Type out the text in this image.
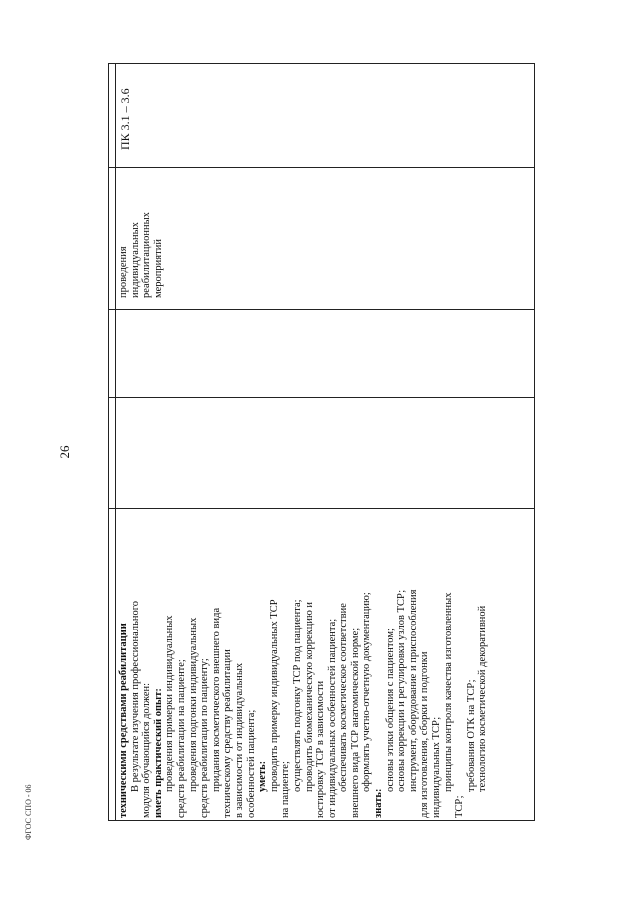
26
ПК 3.1 – 3.6
проведения индивидуальных реабилитационных мероприятий
техническими средствами реабилитации В результате изучения профессионального модуля обучающийся должен: иметь практический опыт: проведения примерки индивидуальных средств реабилитации на пациенте; проведения подгонки индивидуальных средств реабилитации по пациенту; придания косметического внешнего вида техническому средству реабилитации в зависимости от индивидуальных особенностей пациента; уметь: проводить примерку индивидуальных ТСР на пациенте; осуществлять подгонку ТСР под пациента; проводить биомеханическую коррекцию и юстировку ТСР в зависимости от индивидуальных особенностей пациента; обеспечивать косметическое соответствие внешнего вида ТСР анатомической норме; оформлять учетно-отчетную документацию;
знать:
основы этики общения с пациентом; основы коррекции и регулировки узлов ТСР; инструмент, оборудование и приспособления для изготовления, сборки и подгонки индивидуальных ТСР; принципы контроля качества изготовленных
ТСР;
требования ОТК на ТСР; технологию косметической декоративной
ФГОС СПО - 06
